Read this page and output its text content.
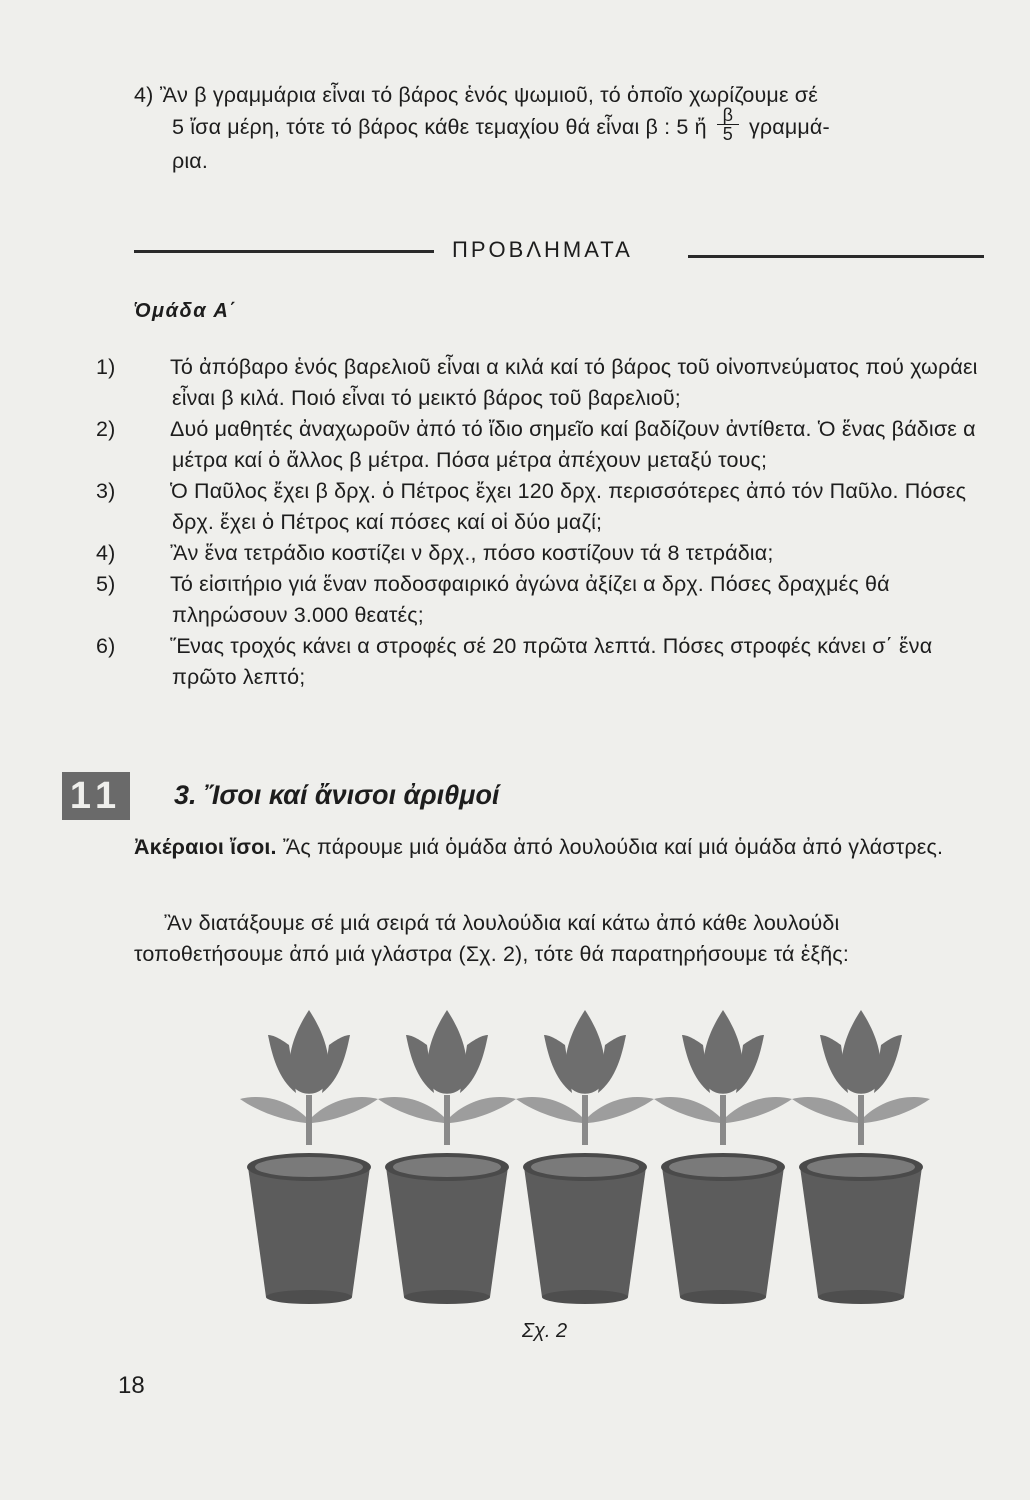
4) Ἂν β γραμμάρια εἶναι τό βάρος ἑνός ψωμιοῦ, τό ὁποῖο χωρίζουμε σέ
5 ἴσα μέρη, τότε τό βάρος κάθε τεμαχίου θά εἶναι β : 5 ἤ $\frac{\beta}{5} \gamma\rho\alpha\mu\mu ά-$
ρια.
ΠΡΟΒΛΗΜΑΤΑ
Ὁμάδα Α΄
1)	Τό ἀπόβαρο ἑνός βαρελιοῦ εἶναι α κιλά καί τό βάρος τοῦ οἰνοπνεύματος πού χωράει εἶναι β κιλά. Ποιό εἶναι τό μεικτό βάρος τοῦ βαρελιοῦ;
2)	Δυό μαθητές ἀναχωροῦν ἀπό τό ἴδιο σημεῖο καί βαδίζουν ἀντίθετα. Ὁ ἕνας βάδισε α μέτρα καί ὁ ἄλλος β μέτρα. Πόσα μέτρα ἀπέχουν μεταξύ τους;
3)	Ὁ Παῦλος ἔχει β δρχ. ὁ Πέτρος ἔχει 120 δρχ. περισσότερες ἀπό τόν Παῦλο. Πόσες δρχ. ἔχει ὁ Πέτρος καί πόσες καί οἱ δύο μαζί;
4)	Ἂν ἕνα τετράδιο κοστίζει ν δρχ., πόσο κοστίζουν τά 8 τετράδια;
5)	Τό εἰσιτήριο γιά ἕναν ποδοσφαιρικό ἀγώνα ἀξίζει α δρχ. Πόσες δραχμές θά πληρώσουν 3.000 θεατές;
6)	Ἕνας τροχός κάνει α στροφές σέ 20 πρῶτα λεπτά. Πόσες στροφές κάνει σ΄ ἕνα πρῶτο λεπτό;
11 3. Ἴσοι καί ἄνισοι ἀριθμοί
Ἀκέραιοι ἴσοι. Ἄς πάρουμε μιά ὁμάδα ἀπό λουλούδια καί μιά ὁμάδα ἀπό γλάστρες.
Ἂν διατάξουμε σέ μιά σειρά τά λουλούδια καί κάτω ἀπό κάθε λουλούδι τοποθετήσουμε ἀπό μιά γλάστρα (Σχ. 2), τότε θά παρατηρήσουμε τά ἑξῆς:
Σχ. 2
18
